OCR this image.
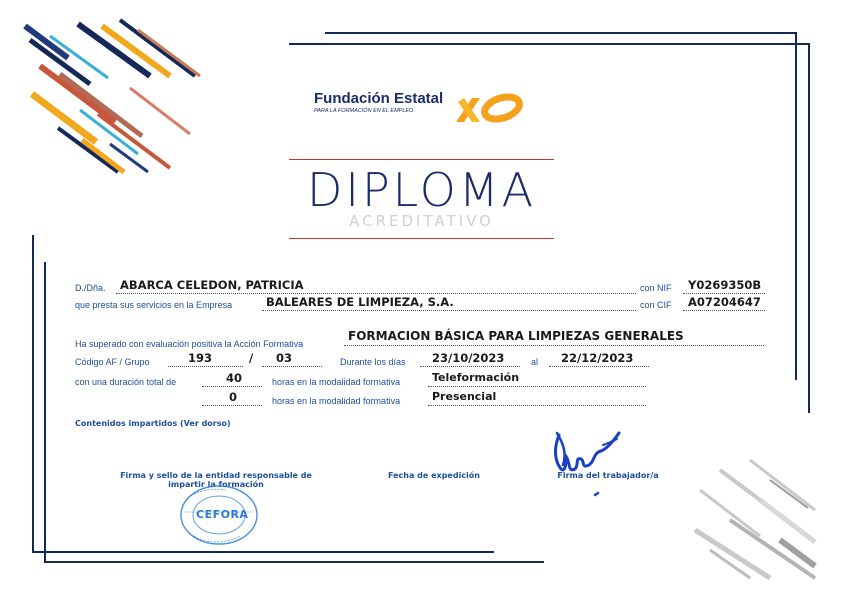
Fundación Estatal
PARA LA FORMACIÓN EN EL EMPLEO
DIPLOMA
ACREDITATIVO
D./Dña. ABARCA CELEDON, PATRICIA	con NIF Y0269350B
que presta sus servicios en la Empresa	BALEARES DE LIMPIEZA, S.A.	con CIF A07204647
Ha superado con evaluación positiva la Acción Formativa
FORMACION BÁSICA PARA LIMPIEZAS GENERALES
Código AF / Grupo	193	/ 03	Durante los días 23/10/2023	al 22/12/2023
con una duración total de	40	horas en la modalidad formativa	Teleformación
0	horas en la modalidad formativa	Presencial
Contenidos impartidos (Ver dorso)
Firma y sello de la entidad responsable de impartir la formación
Fecha de expedición	Firma del trabajador/a
CEFORA
